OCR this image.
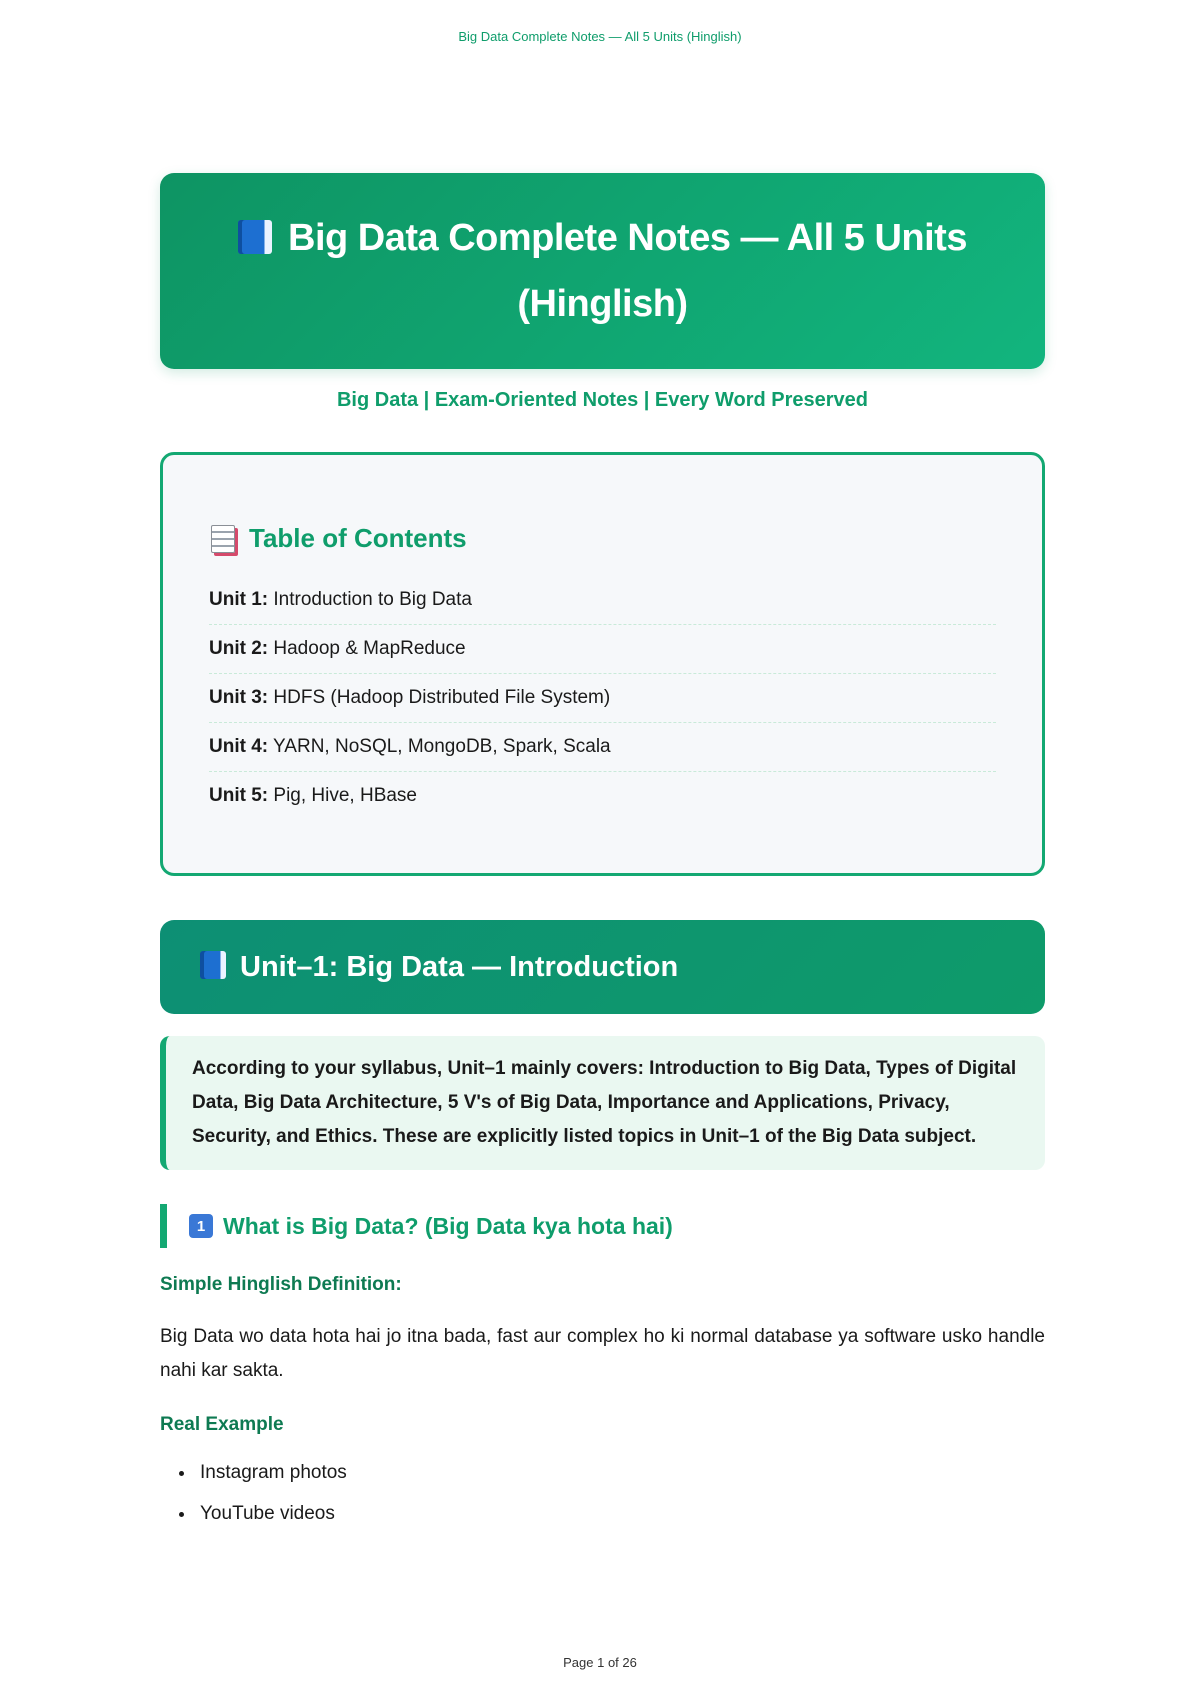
Big Data Complete Notes — All 5 Units (Hinglish)
Big Data Complete Notes — All 5 Units (Hinglish)
Big Data | Exam-Oriented Notes | Every Word Preserved
Table of Contents
Unit 1: Introduction to Big Data
Unit 2: Hadoop & MapReduce
Unit 3: HDFS (Hadoop Distributed File System)
Unit 4: YARN, NoSQL, MongoDB, Spark, Scala
Unit 5: Pig, Hive, HBase
Unit–1: Big Data — Introduction
According to your syllabus, Unit–1 mainly covers: Introduction to Big Data, Types of Digital Data, Big Data Architecture, 5 V's of Big Data, Importance and Applications, Privacy, Security, and Ethics. These are explicitly listed topics in Unit–1 of the Big Data subject.
1 What is Big Data? (Big Data kya hota hai)
Simple Hinglish Definition:
Big Data wo data hota hai jo itna bada, fast aur complex ho ki normal database ya software usko handle nahi kar sakta.
Real Example
• Instagram photos
• YouTube videos
Page 1 of 26
